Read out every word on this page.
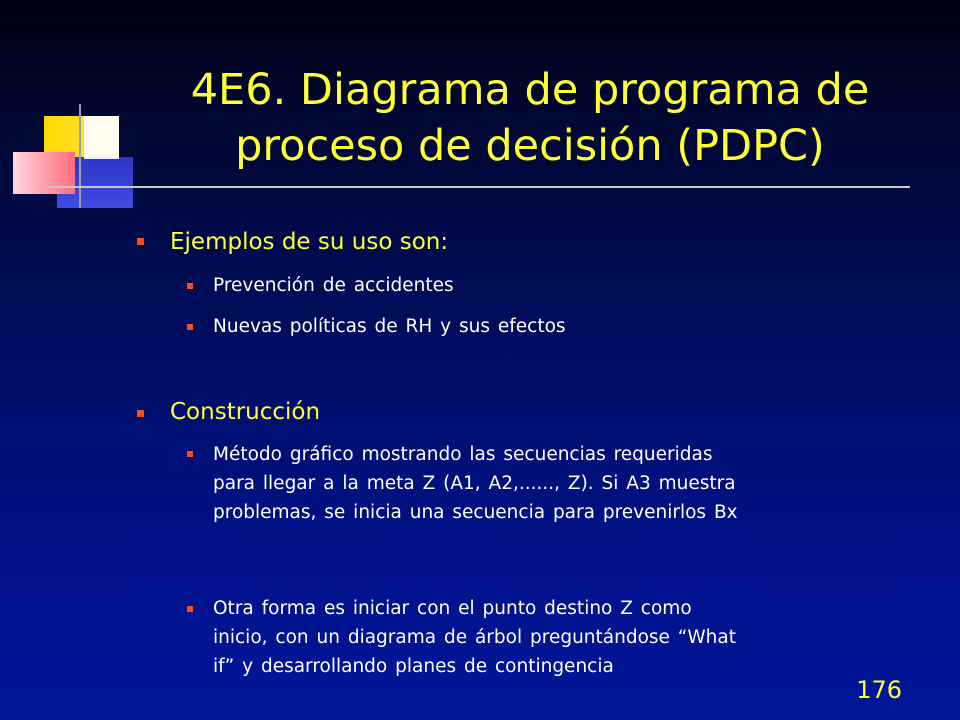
4E6. Diagrama de programa de
proceso de decisión (PDPC)
Ejemplos de su uso son:
Prevención de accidentes
Nuevas políticas de RH y sus efectos
Construcción
Método gráfico mostrando las secuencias requeridas
para llegar a la meta Z (A1, A2,......, Z). Si A3 muestra
problemas, se inicia una secuencia para prevenirlos Bx
Otra forma es iniciar con el punto destino Z como
inicio, con un diagrama de árbol preguntándose “What
if” y desarrollando planes de contingencia
176
